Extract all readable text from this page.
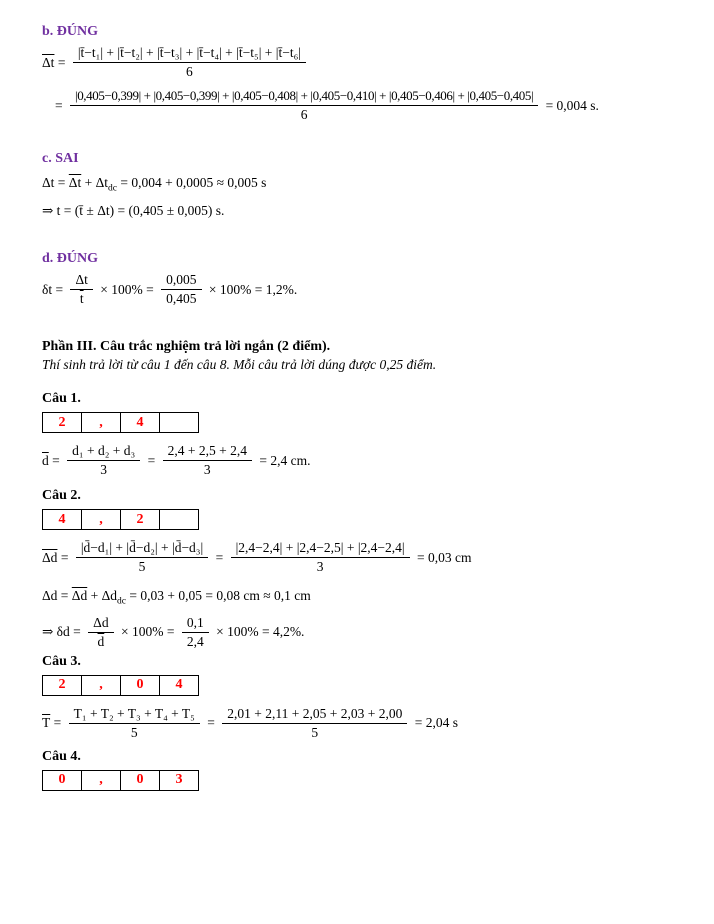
b. ĐÚNG
$\overline{\Delta t} = \frac{\text{|t̄−t₁| + |t̄−t₂| + |t̄−t₃| + |t̄−t₄| + |t̄−t₅| + |t̄−t₆|}}{6}$
=
|0,405−0,399| + |0,405−0,399| + |0,405−0,408| + |0,405−0,410| + |0,405−0,406| + |0,405−0,405|
6
= 0,004 s.
c. SAI
$\Delta t = \overline{\Delta t} + \Delta t_{dc} = 0,004 + 0,0005 \approx 0,005$ s
⇒ t = (t̄ ± Δt) = (0,405 ± 0,005) s.
d. ĐÚNG
$\delta t = \frac{\Delta t}{t} \times 100\% = \frac{0,005}{0,405} \times 100\% = 1,2\%$.
Phần III. Câu trắc nghiệm trả lời ngắn (2 điểm).
Thí sinh trả lời từ câu 1 đến câu 8. Mỗi câu trả lời dúng được 0,25 điểm.
Câu 1.
2	,	4	
$\overline{d} = \frac{\text{d₁ + d₂ + d₃}}{3} = \frac{2,4 + 2,5 + 2,4}{3} = 2,4$ cm.
Câu 2.
4	,	2	
$\overline{\Delta d} = \frac{\text{|d̄−d₁| + |d̄−d₂| + |d̄−d₃|}}{5} = \frac{|2,4-2,4| + |2,4-2,5| + |2,4-2,4|}{3} = 0,03$ cm
$\Delta d = \overline{\Delta d} + \Delta d_{dc} = 0,03 + 0,05 = 0,08$ cm ≈ 0,1 cm
⇒ $\delta d = \frac{\Delta d}{d} \times 100\% = \frac{0,1}{2,4} \times 100\% = 4,2\%$.
Câu 3.
2	,	0	4
$\overline{T} = \frac{\text{T₁ + T₂ + T₃ + T₄ + T₅}}{5} = \frac{2,01 + 2,11 + 2,05 + 2,03 + 2,00}{5} = 2,04$ s
Câu 4.
0	,	0	3
